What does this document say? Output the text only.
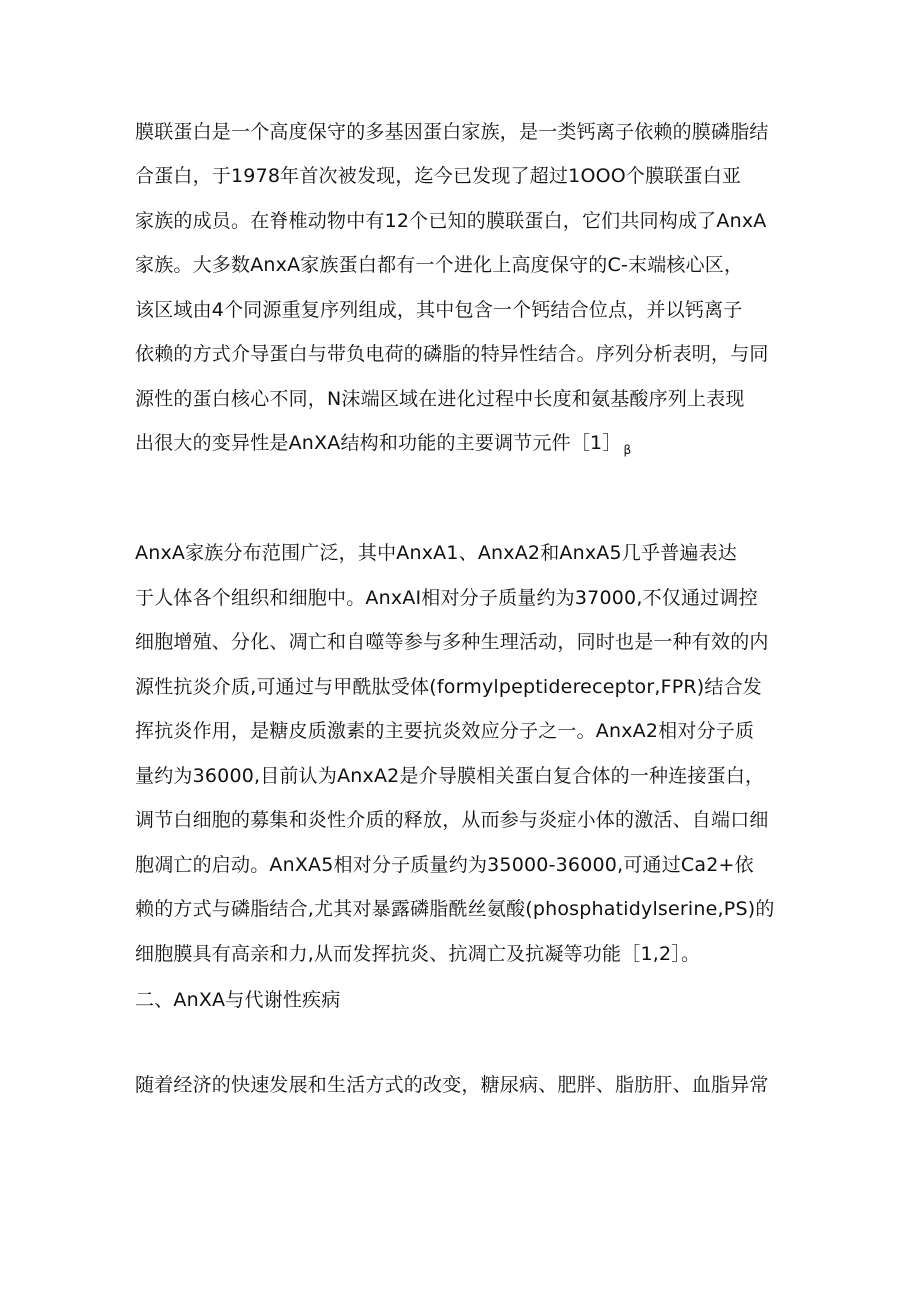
膜联蛋白是一个高度保守的多基因蛋白家族，是一类钙离子依赖的膜磷脂结
合蛋白，于1978年首次被发现，迄今已发现了超过1OOO个膜联蛋白亚
家族的成员。在脊椎动物中有12个已知的膜联蛋白，它们共同构成了AnxA
家族。大多数AnxA家族蛋白都有一个进化上高度保守的C-末端核心区，
该区域由4个同源重复序列组成，其中包含一个钙结合位点，并以钙离子
依赖的方式介导蛋白与带负电荷的磷脂的特异性结合。序列分析表明，与同
源性的蛋白核心不同，N沫端区域在进化过程中长度和氨基酸序列上表现
出很大的变异性是AnXA结构和功能的主要调节元件［1］ $_\beta$
AnxA家族分布范围广泛，其中AnxA1、AnxA2和AnxA5几乎普遍表达
于人体各个组织和细胞中。AnxAI相对分子质量约为37000,不仅通过调控
细胞增殖、分化、凋亡和自噬等参与多种生理活动，同时也是一种有效的内
源性抗炎介质,可通过与甲酰肽受体(formylpeptidereceptor,FPR)结合发
挥抗炎作用，是糖皮质激素的主要抗炎效应分子之一。AnxA2相对分子质
量约为36000,目前认为AnxA2是介导膜相关蛋白复合体的一种连接蛋白，
调节白细胞的募集和炎性介质的释放，从而参与炎症小体的激活、自端口细
胞凋亡的启动。AnXA5相对分子质量约为35000-36000,可通过Ca2+依
赖的方式与磷脂结合,尤其对暴露磷脂酰丝氨酸(phosphatidylserine,PS)的
细胞膜具有高亲和力,从而发挥抗炎、抗凋亡及抗凝等功能［1,2］。
二、AnXA与代谢性疾病
随着经济的快速发展和生活方式的改变，糖尿病、肥胖、脂肪肝、血脂异常
